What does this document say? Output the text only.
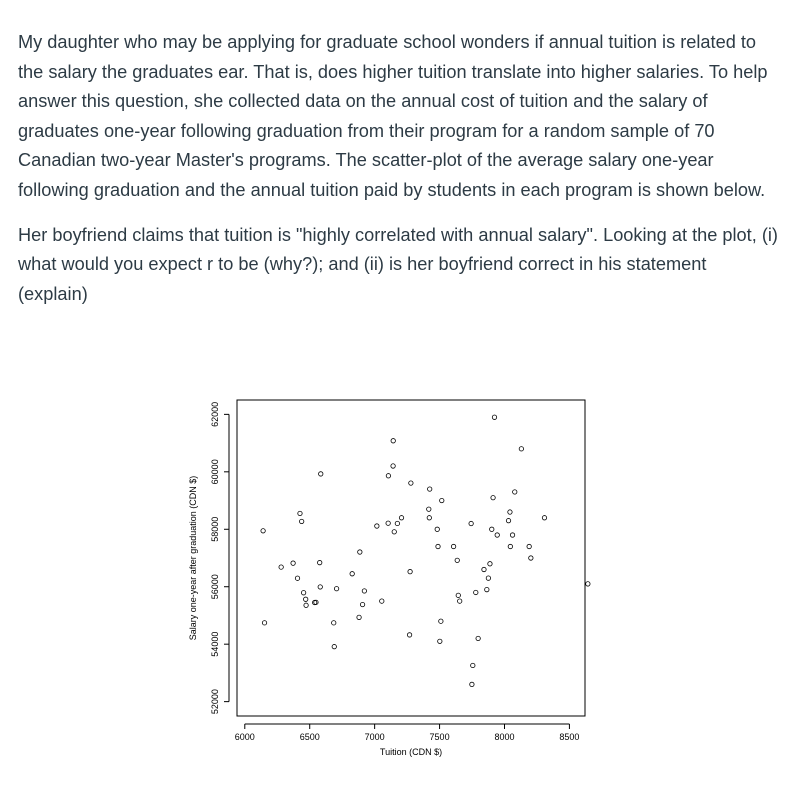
My daughter who may be applying for graduate school wonders if annual tuition is related to the salary the graduates ear. That is, does higher tuition translate into higher salaries. To help answer this question, she collected data on the annual cost of tuition and the salary of graduates one-year following graduation from their program for a random sample of 70 Canadian two-year Master's programs. The scatter-plot of the average salary one-year following graduation and the annual tuition paid by students in each program is shown below.

Her boyfriend claims that tuition is "highly correlated with annual salary". Looking at the plot, (i) what would you expect r to be (why?); and (ii) is her boyfriend correct in his statement (explain)

6000	6500	7000	7500	8000	8500
52000
54000
56000
58000
60000
62000
Tuition (CDN $)
Salary one-year after graduation (CDN $)
